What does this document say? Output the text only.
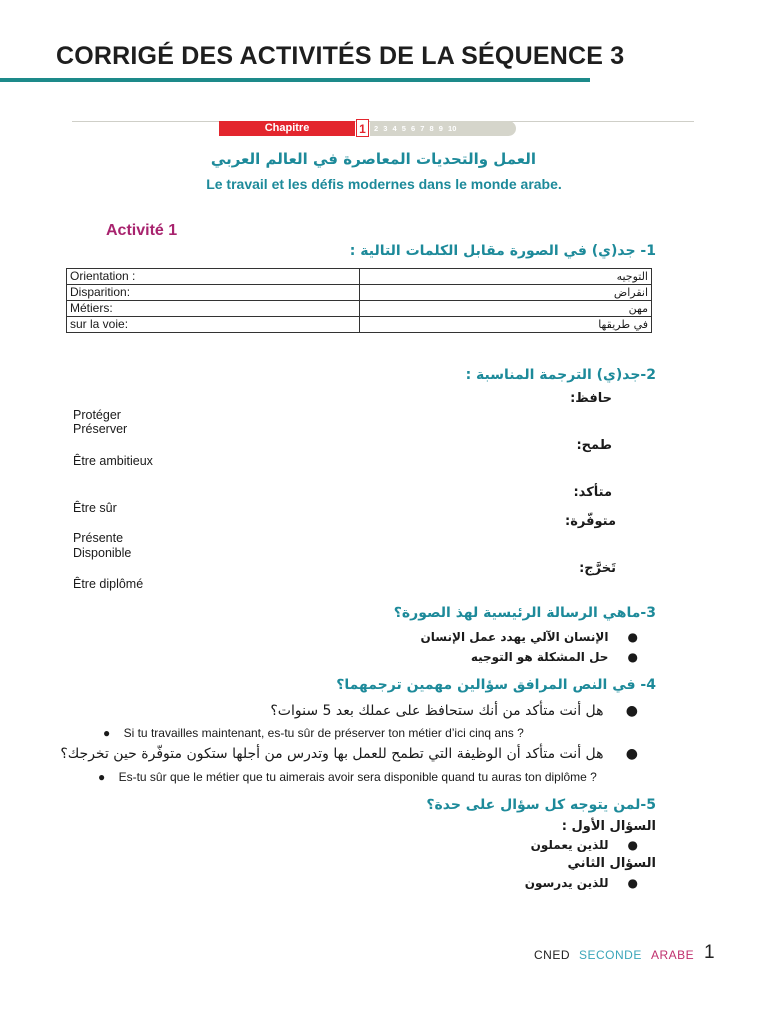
CORRIGÉ DES ACTIVITÉS DE LA SÉQUENCE 3
Chapitre	1	2 3 4 5 6 7 8 9 10
العمل والتحديات المعاصرة في العالم العربي
Le travail et les défis modernes dans le monde arabe.
Activité 1
1- جد(ي) في الصورة مقابل الكلمات التالية :
Orientation :	التوجيه
Disparition:	انقراض
Métiers:	مهن
sur la voie:	في طريقها
2-جد(ي) الترجمة المناسبة :
حافظ:
Protéger
Préserver
طمح:
Être ambitieux
متأكد:
Être sûr
متوفّرة:
Présente
Disponible
تَخرَّج:
Être diplômé
3-ماهي الرسالة الرئيسية لهذ الصورة؟
●     الإنسان الآلي يهدد عمل الإنسان
●     حل المشكلة هو التوجيه
4- في النص المرافق سؤالين مهمين ترجمهما؟
●     هل أنت متأكد من أنك ستحافظ على عملك بعد 5 سنوات؟
●    Si tu travailles maintenant, es-tu sûr de préserver ton métier d’ici cinq ans ?
●     هل أنت متأكد أن الوظيفة التي تطمح للعمل بها وتدرس من أجلها ستكون متوفّرة حين تخرجك؟
●    Es-tu sûr que le métier que tu aimerais avoir sera disponible quand tu auras ton diplôme ?
5-لمن يتوجه كل سؤال على حدة؟
السؤال الأول :
●     للذين يعملون
السؤال الثاني
●     للذين يدرسون
CNED SECONDE ARABE 1
